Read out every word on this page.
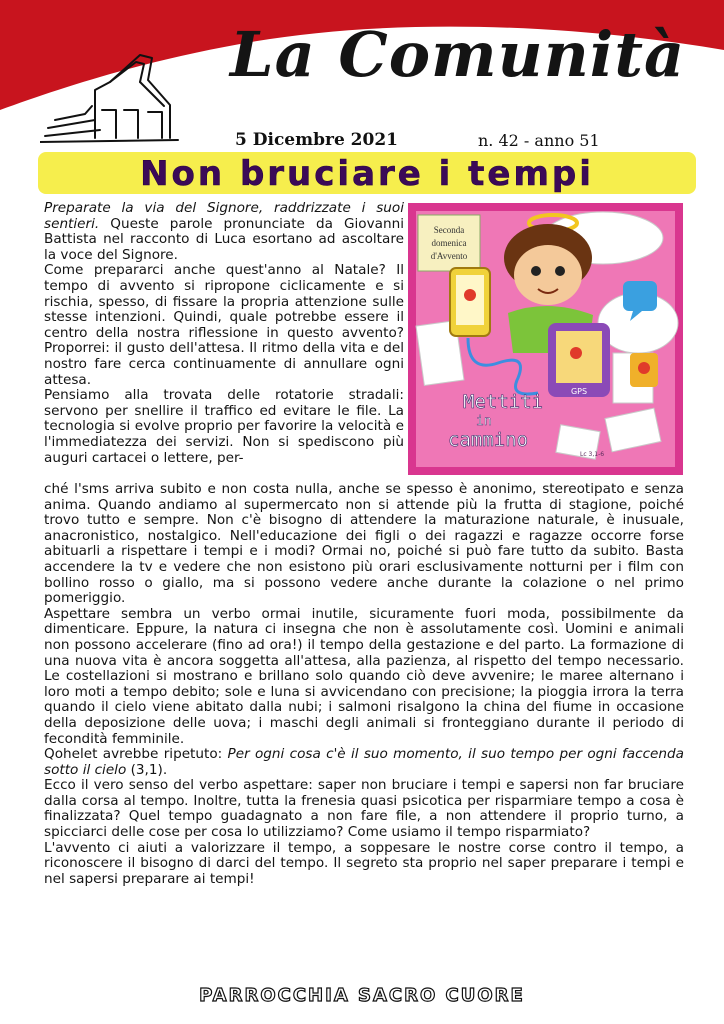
La Comunità
5 Dicembre 2021	n. 42 - anno 51
Non bruciare i tempi
Seconda
domenica
d'Avvento
GPS
Mettiti
in
cammino
Lc 3,1-6

Preparate la via del Signore, raddrizzate i suoi sentieri. Queste parole pronunciate da Giovanni Battista nel racconto di Luca esortano ad ascoltare la voce del Signore.

Come prepararci anche quest'anno al Natale? Il tempo di avvento si ripropone ciclicamente e si rischia, spesso, di fissare la propria attenzione sulle stesse intenzioni. Quindi, quale potrebbe essere il centro della nostra riflessione in questo avvento? Proporrei: il gusto dell'attesa. Il ritmo della vita e del nostro fare cerca continuamente di annullare ogni attesa.

Pensiamo alla trovata delle rotatorie stradali: servono per snellire il traffico ed evitare le file. La tecnologia si evolve proprio per favorire la velocità e l'immediatezza dei servizi. Non si spediscono più auguri cartacei o lettere, per-

ché l'sms arriva subito e non costa nulla, anche se spesso è anonimo, stereotipato e senza anima. Quando andiamo al supermercato non si attende più la frutta di stagione, poiché trovo tutto e sempre. Non c'è bisogno di attendere la maturazione naturale, è inusuale, anacronistico, nostalgico. Nell'educazione dei figli o dei ragazzi e ragazze occorre forse abituarli a rispettare i tempi e i modi? Ormai no, poiché si può fare tutto da subito. Basta accendere la tv e vedere che non esistono più orari esclusivamente notturni per i film con bollino rosso o giallo, ma si possono vedere anche durante la colazione o nel primo pomeriggio.

Aspettare sembra un verbo ormai inutile, sicuramente fuori moda, possibilmente da dimenticare. Eppure, la natura ci insegna che non è assolutamente così. Uomini e animali non possono accelerare (fino ad ora!) il tempo della gestazione e del parto. La formazione di una nuova vita è ancora soggetta all'attesa, alla pazienza, al rispetto del tempo necessario. Le costellazioni si mostrano e brillano solo quando ciò deve avvenire; le maree alternano i loro moti a tempo debito; sole e luna si avvicendano con precisione; la pioggia irrora la terra quando il cielo viene abitato dalla nubi; i salmoni risalgono la china del fiume in occasione della deposizione delle uova; i maschi degli animali si fronteggiano durante il periodo di fecondità femminile.

Qohelet avrebbe ripetuto: Per ogni cosa c'è il suo momento, il suo tempo per ogni faccenda sotto il cielo (3,1).

Ecco il vero senso del verbo aspettare: saper non bruciare i tempi e sapersi non far bruciare dalla corsa al tempo. Inoltre, tutta la frenesia quasi psicotica per risparmiare tempo a cosa è finalizzata? Quel tempo guadagnato a non fare file, a non attendere il proprio turno, a spicciarci delle cose per cosa lo utilizziamo? Come usiamo il tempo risparmiato?

L'avvento ci aiuti a valorizzare il tempo, a soppesare le nostre corse contro il tempo, a riconoscere il bisogno di darci del tempo. Il segreto sta proprio nel saper preparare i tempi e nel sapersi preparare ai tempi!

PARROCCHIA SACRO CUORE
